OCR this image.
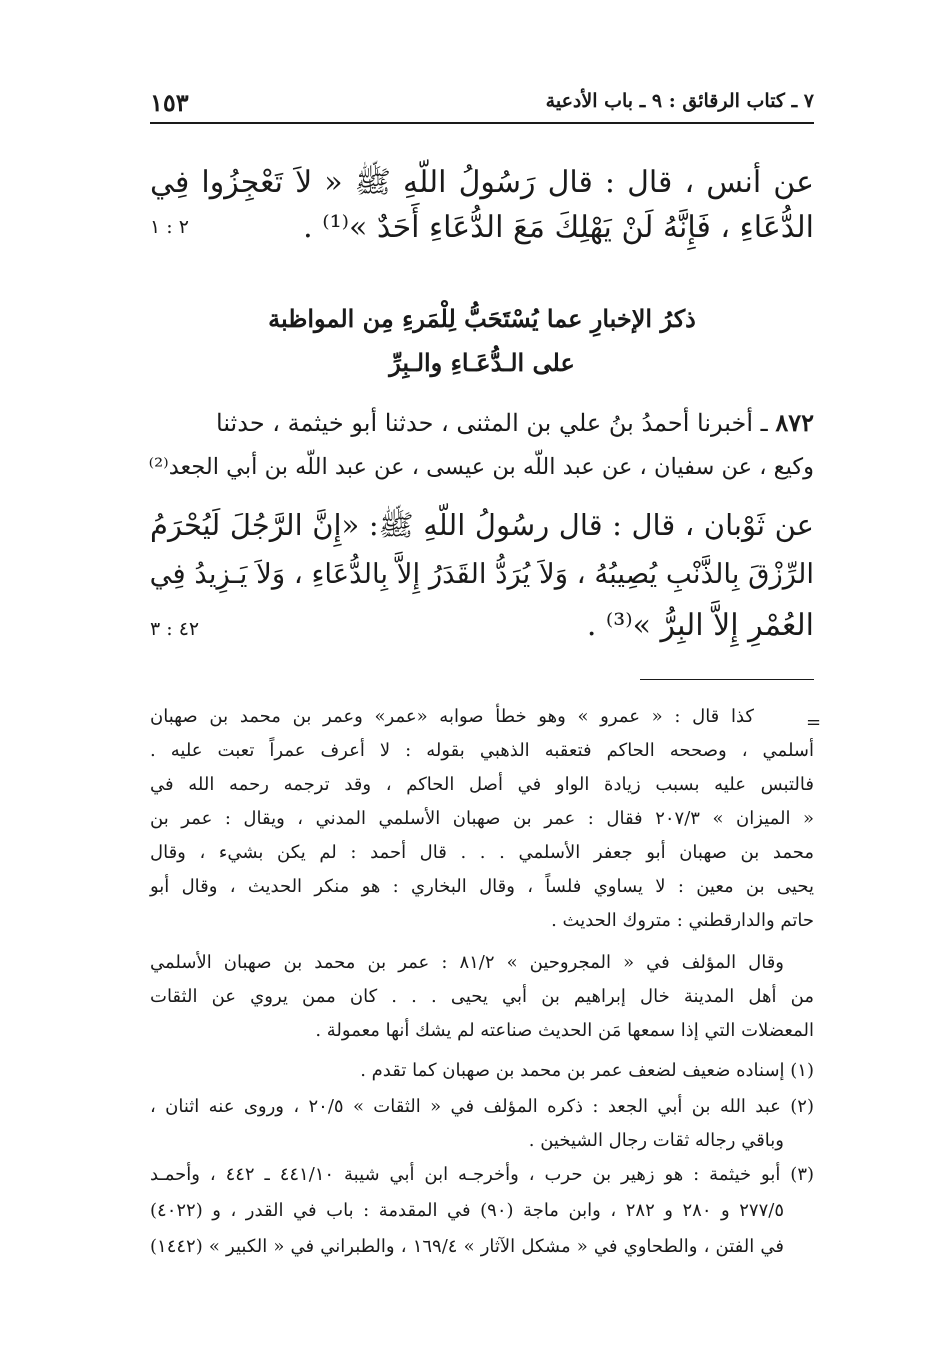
١٥٣	٧ ـ كتاب الرقائق : ٩ ـ باب الأدعية
عن أنس ، قال : قال رَسُولُ اللّهِ ﷺ « لاَ تَعْجِزُوا فِي
الدُّعَاءِ ، فَإِنَّهُ لَنْ يَهْلِكَ مَعَ الدُّعَاءِ أَحَدٌ »⁽¹⁾ .
٢ : ١
ذكرُ الإخبارِ عما يُسْتَحَبُّ لِلْمَرءِ مِن المواظبة
على الـدُّعَـاءِ والـبِرِّ
٨٧٢ ـ أخبرنا أحمدُ بنُ علي بن المثنى ، حدثنا أبو خيثمة ، حدثنا
وكيع ، عن سفيان ، عن عبد اللّه بن عيسى ، عن عبد اللّه بن أبي الجعد⁽²⁾
عن ثَوْبان ، قال : قال رسُولُ اللّهِ ﷺ: «إِنَّ الرَّجُلَ لَيُحْرَمُ
الرِّزْقَ بِالذَّنْبِ يُصِيبُهُ ، وَلاَ يُرَدُّ القَدَرُ إِلاَّ بِالدُّعَاءِ ، وَلاَ يَـزِيدُ فِي
العُمْرِ إِلاَّ البِرُّ »⁽³⁾ .
٤٢ : ٣
=
كذا قال : « عمرو » وهو خطأ صوابه «عمر» وعمر بن محمد بن صهبان
أسلمي ، وصححه الحاكم فتعقبه الذهبي بقوله : لا أعرف عمراً تعبت عليه .
فالتبس عليه بسبب زيادة الواو في أصل الحاكم ، وقد ترجمه رحمه الله في
« الميزان » ٢٠٧/٣ فقال : عمر بن صهبان الأسلمي المدني ، ويقال : عمر بن
محمد بن صهبان أبو جعفر الأسلمي . . . قال أحمد : لم يكن بشيء ، وقال
يحيى بن معين : لا يساوي فلساً ، وقال البخاري : هو منكر الحديث ، وقال أبو
حاتم والدارقطني : متروك الحديث .
وقال المؤلف في « المجروحين » ٨١/٢ : عمر بن محمد بن صهبان الأسلمي
من أهل المدينة خال إبراهيم بن أبي يحيى . . . كان ممن يروي عن الثقات
المعضلات التي إذا سمعها مَن الحديث صناعته لم يشك أنها معمولة .
(١) إسناده ضعيف لضعف عمر بن محمد بن صهبان كما تقدم .
(٢) عبد الله بن أبي الجعد : ذكره المؤلف في « الثقات » ٢٠/٥ ، وروى عنه اثنان ،
وباقي رجاله ثقات رجال الشيخين .
(٣) أبو خيثمة : هو زهير بن حرب ، وأخرجـه ابن أبي شيبة ٤٤١/١٠ ـ ٤٤٢ ، وأحمـد
٢٧٧/٥ و ٢٨٠ و ٢٨٢ ، وابن ماجة (٩٠) في المقدمة : باب في القدر ، و (٤٠٢٢)
في الفتن ، والطحاوي في « مشكل الآثار » ١٦٩/٤ ، والطبراني في « الكبير » (١٤٤٢)
